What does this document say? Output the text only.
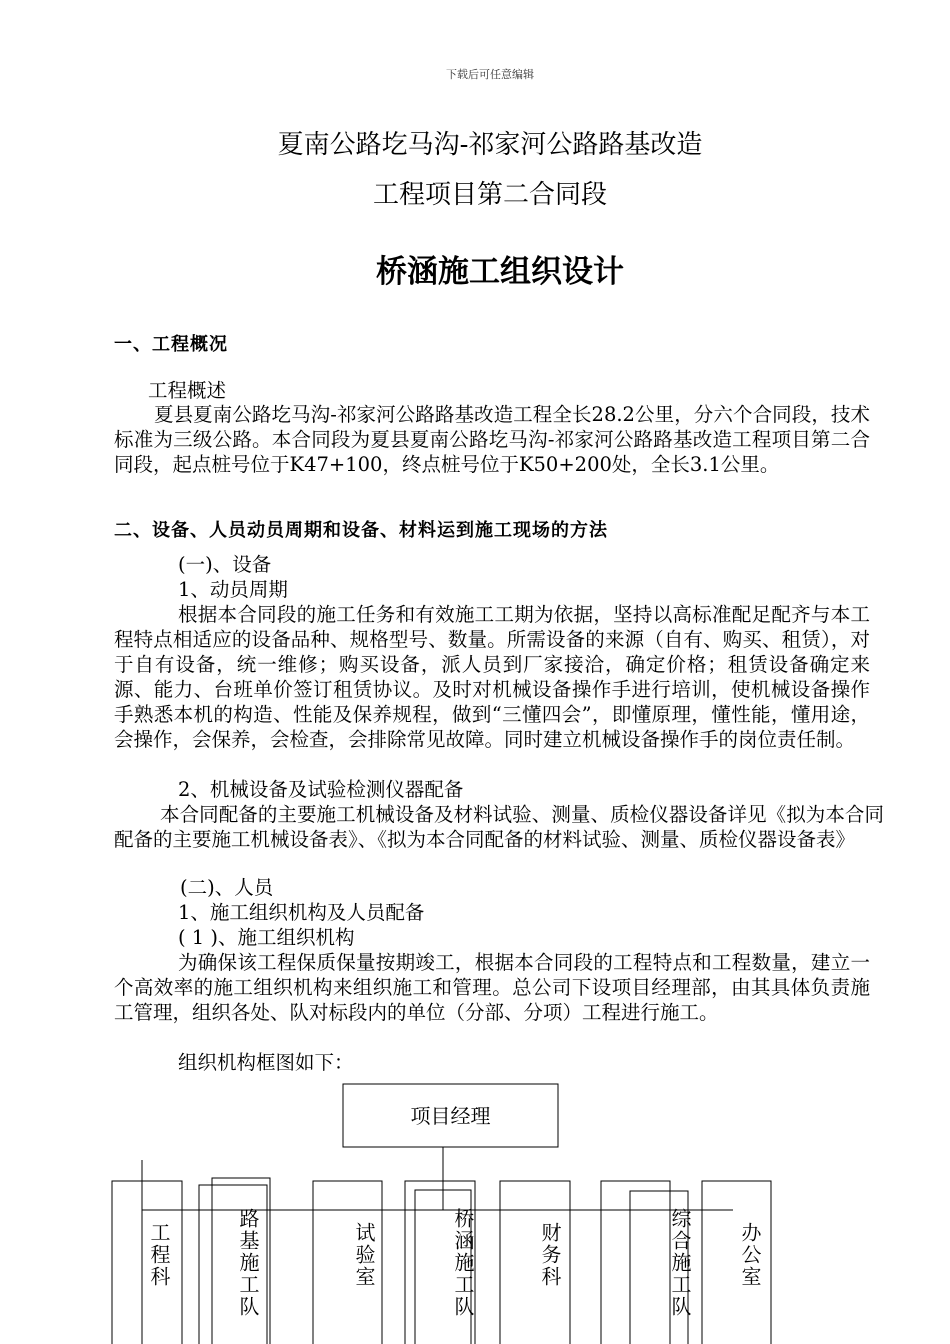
下载后可任意编辑
夏南公路圪马沟-祁家河公路路基改造
工程项目第二合同段
桥涵施工组织设计
一、工程概况
工程概述
夏县夏南公路圪马沟-祁家河公路路基改造工程全长28.2公里，分六个合同段，技术标准为三级公路。本合同段为夏县夏南公路圪马沟-祁家河公路路基改造工程项目第二合同段，起点桩号位于K47+100，终点桩号位于K50+200处，全长3.1公里。
二、设备、人员动员周期和设备、材料运到施工现场的方法
(一)、设备
1、动员周期
根据本合同段的施工任务和有效施工工期为依据，坚持以高标准配足配齐与本工程特点相适应的设备品种、规格型号、数量。所需设备的来源（自有、购买、租赁），对于自有设备，统一维修；购买设备，派人员到厂家接洽，确定价格；租赁设备确定来源、能力、台班单价签订租赁协议。及时对机械设备操作手进行培训，使机械设备操作手熟悉本机的构造、性能及保养规程，做到“三懂四会”，即懂原理，懂性能，懂用途，会操作，会保养，会检查，会排除常见故障。同时建立机械设备操作手的岗位责任制。
2、机械设备及试验检测仪器配备
本合同配备的主要施工机械设备及材料试验、测量、质检仪器设备详见《拟为本合同配备的主要施工机械设备表》、《拟为本合同配备的材料试验、测量、质检仪器设备表》
(二)、人员
1、施工组织机构及人员配备
( 1 )、施工组织机构
为确保该工程保质保量按期竣工，根据本合同段的工程特点和工程数量，建立一个高效率的施工组织机构来组织施工和管理。总公司下设项目经理部，由其具体负责施工管理，组织各处、队对标段内的单位（分部、分项）工程进行施工。
组织机构框图如下：
项目经理
工程科	路基施工队	试验室	桥涵施工队	财务科	综合施工队	办公室
